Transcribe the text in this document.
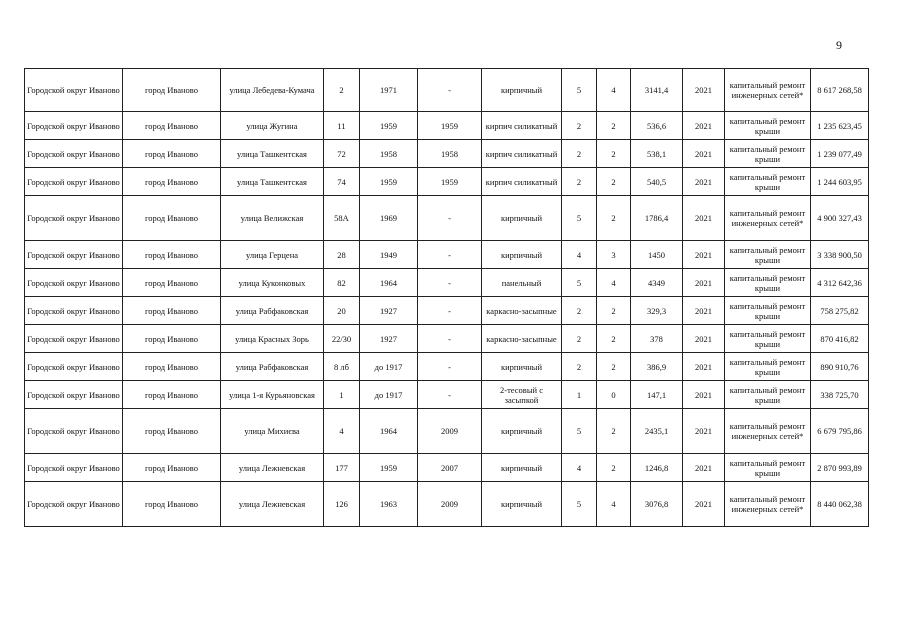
9
Городской округ Иваново	город Иваново	улица Лебедева-Кумача	2	1971	-	кирпичный	5	4	3141,4	2021	капитальный ремонт инженерных сетей*	8 617 268,58
Городской округ Иваново	город Иваново	улица Жугина	11	1959	1959	кирпич силикатный	2	2	536,6	2021	капитальный ремонт крыши	1 235 623,45
Городской округ Иваново	город Иваново	улица Ташкентская	72	1958	1958	кирпич силикатный	2	2	538,1	2021	капитальный ремонт крыши	1 239 077,49
Городской округ Иваново	город Иваново	улица Ташкентская	74	1959	1959	кирпич силикатный	2	2	540,5	2021	капитальный ремонт крыши	1 244 603,95
Городской округ Иваново	город Иваново	улица Велижская	58А	1969	-	кирпичный	5	2	1786,4	2021	капитальный ремонт инженерных сетей*	4 900 327,43
Городской округ Иваново	город Иваново	улица Герцена	28	1949	-	кирпичный	4	3	1450	2021	капитальный ремонт крыши	3 338 900,50
Городской округ Иваново	город Иваново	улица Куконковых	82	1964	-	панельный	5	4	4349	2021	капитальный ремонт крыши	4 312 642,36
Городской округ Иваново	город Иваново	улица Рабфаковская	20	1927	-	каркасно-засыпные	2	2	329,3	2021	капитальный ремонт крыши	758 275,82
Городской округ Иваново	город Иваново	улица Красных Зорь	22/30	1927	-	каркасно-засыпные	2	2	378	2021	капитальный ремонт крыши	870 416,82
Городской округ Иваново	город Иваново	улица Рабфаковская	8 лб	до 1917	-	кирпичный	2	2	386,9	2021	капитальный ремонт крыши	890 910,76
Городской округ Иваново	город Иваново	улица 1-я Курьяновская	1	до 1917	-	2-тесовый с засыпкой	1	0	147,1	2021	капитальный ремонт крыши	338 725,70
Городской округ Иваново	город Иваново	улица Михиєва	4	1964	2009	кирпичный	5	2	2435,1	2021	капитальный ремонт инженерных сетей*	6 679 795,86
Городской округ Иваново	город Иваново	улица Лежневская	177	1959	2007	кирпичный	4	2	1246,8	2021	капитальный ремонт крыши	2 870 993,89
Городской округ Иваново	город Иваново	улица Лежневская	126	1963	2009	кирпичный	5	4	3076,8	2021	капитальный ремонт инженерных сетей*	8 440 062,38
